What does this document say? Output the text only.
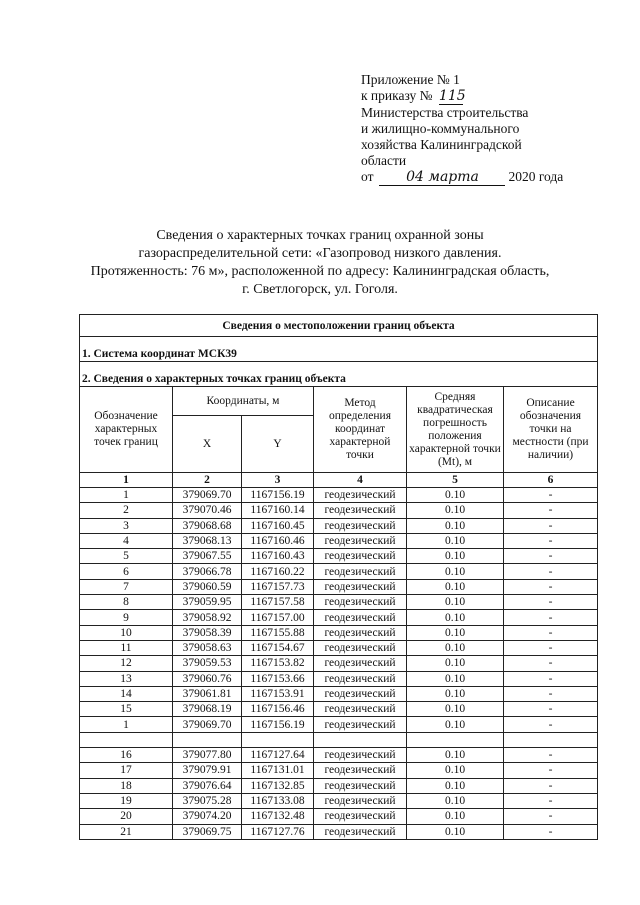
Приложение № 1
к приказу № 115
Министерства строительства
и жилищно-коммунального
хозяйства Калининградской
области
от 04 марта 2020 года
Сведения о характерных точках границ охранной зоны
газораспределительной сети: «Газопровод низкого давления.
Протяженность: 76 м», расположенной по адресу: Калининградская область,
г. Светлогорск, ул. Гоголя.
Сведения о местоположении границ объекта					
1. Система координат МСК39					
2. Сведения о характерных точках границ объекта					
Обозначение характерных точек границ	Координаты, м		Метод определения координат характерной точки	Средняя квадратическая погрешность положения характерной точки (Mt), м	Описание обозначения точки на местности (при наличии)
	X	Y			
1	2	3	4	5	6
1	379069.70	1167156.19	геодезический	0.10	-
2	379070.46	1167160.14	геодезический	0.10	-
3	379068.68	1167160.45	геодезический	0.10	-
4	379068.13	1167160.46	геодезический	0.10	-
5	379067.55	1167160.43	геодезический	0.10	-
6	379066.78	1167160.22	геодезический	0.10	-
7	379060.59	1167157.73	геодезический	0.10	-
8	379059.95	1167157.58	геодезический	0.10	-
9	379058.92	1167157.00	геодезический	0.10	-
10	379058.39	1167155.88	геодезический	0.10	-
11	379058.63	1167154.67	геодезический	0.10	-
12	379059.53	1167153.82	геодезический	0.10	-
13	379060.76	1167153.66	геодезический	0.10	-
14	379061.81	1167153.91	геодезический	0.10	-
15	379068.19	1167156.46	геодезический	0.10	-
1	379069.70	1167156.19	геодезический	0.10	-

16	379077.80	1167127.64	геодезический	0.10	-
17	379079.91	1167131.01	геодезический	0.10	-
18	379076.64	1167132.85	геодезический	0.10	-
19	379075.28	1167133.08	геодезический	0.10	-
20	379074.20	1167132.48	геодезический	0.10	-
21	379069.75	1167127.76	геодезический	0.10	-
